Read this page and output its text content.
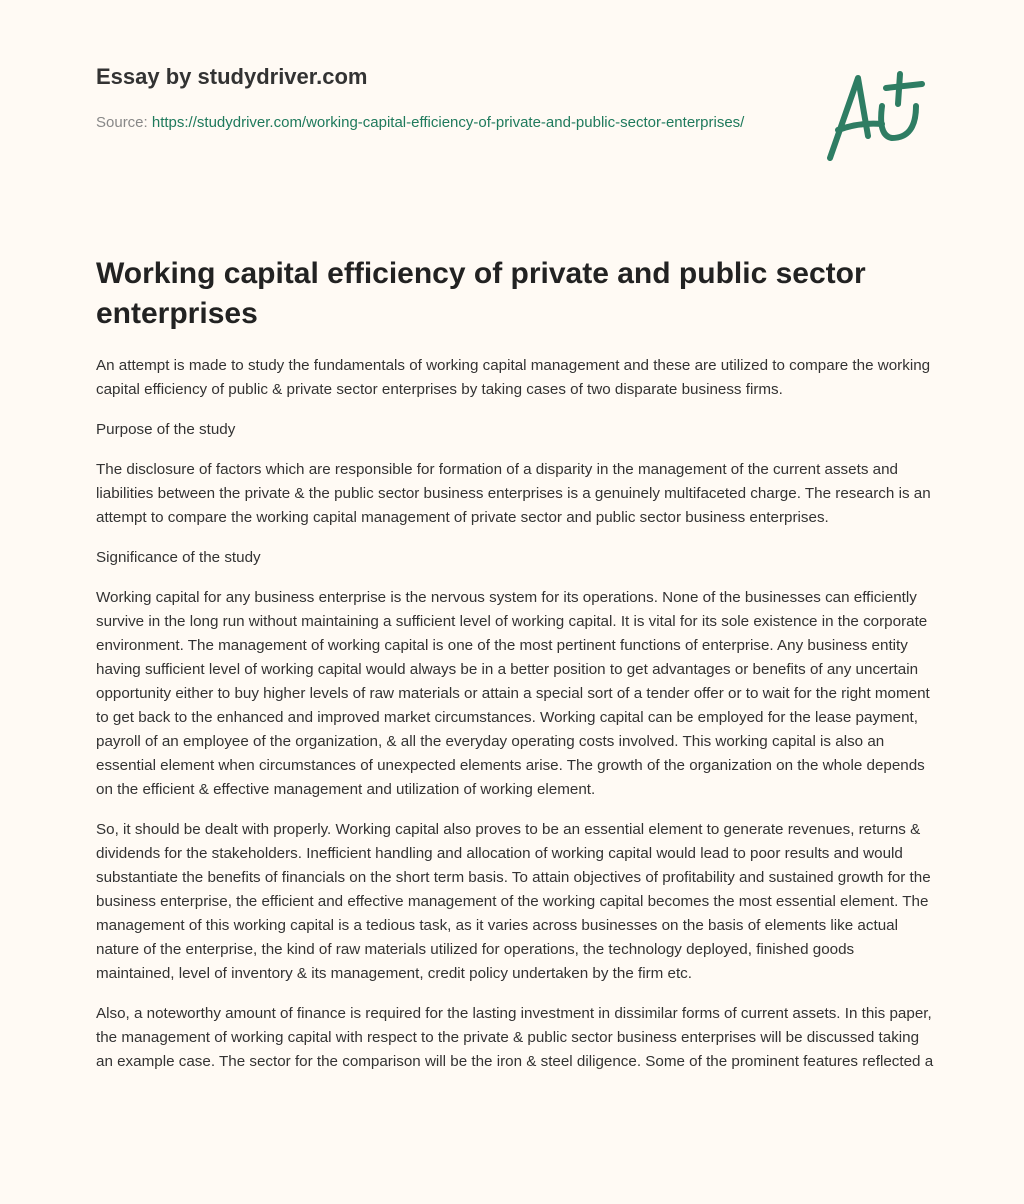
Essay by studydriver.com
Source: https://studydriver.com/working-capital-efficiency-of-private-and-public-sector-enterprises/
Working capital efficiency of private and public sector enterprises

An attempt is made to study the fundamentals of working capital management and these are utilized to compare the working capital efficiency of public & private sector enterprises by taking cases of two disparate business firms.

Purpose of the study

The disclosure of factors which are responsible for formation of a disparity in the management of the current assets and liabilities between the private & the public sector business enterprises is a genuinely multifaceted charge. The research is an attempt to compare the working capital management of private sector and public sector business enterprises.

Significance of the study

Working capital for any business enterprise is the nervous system for its operations. None of the businesses can efficiently survive in the long run without maintaining a sufficient level of working capital. It is vital for its sole existence in the corporate environment. The management of working capital is one of the most pertinent functions of enterprise. Any business entity having sufficient level of working capital would always be in a better position to get advantages or benefits of any uncertain opportunity either to buy higher levels of raw materials or attain a special sort of a tender offer or to wait for the right moment to get back to the enhanced and improved market circumstances. Working capital can be employed for the lease payment, payroll of an employee of the organization, & all the everyday operating costs involved. This working capital is also an essential element when circumstances of unexpected elements arise. The growth of the organization on the whole depends on the efficient & effective management and utilization of working element.

So, it should be dealt with properly. Working capital also proves to be an essential element to generate revenues, returns & dividends for the stakeholders. Inefficient handling and allocation of working capital would lead to poor results and would substantiate the benefits of financials on the short term basis. To attain objectives of profitability and sustained growth for the business enterprise, the efficient and effective management of the working capital becomes the most essential element. The management of this working capital is a tedious task, as it varies across businesses on the basis of elements like actual nature of the enterprise, the kind of raw materials utilized for operations, the technology deployed, finished goods maintained, level of inventory & its management, credit policy undertaken by the firm etc.

Also, a noteworthy amount of finance is required for the lasting investment in dissimilar forms of current assets. In this paper, the management of working capital with respect to the private & public sector business enterprises will be discussed taking an example case. The sector for the comparison will be the iron & steel diligence. Some of the prominent features reflected a
